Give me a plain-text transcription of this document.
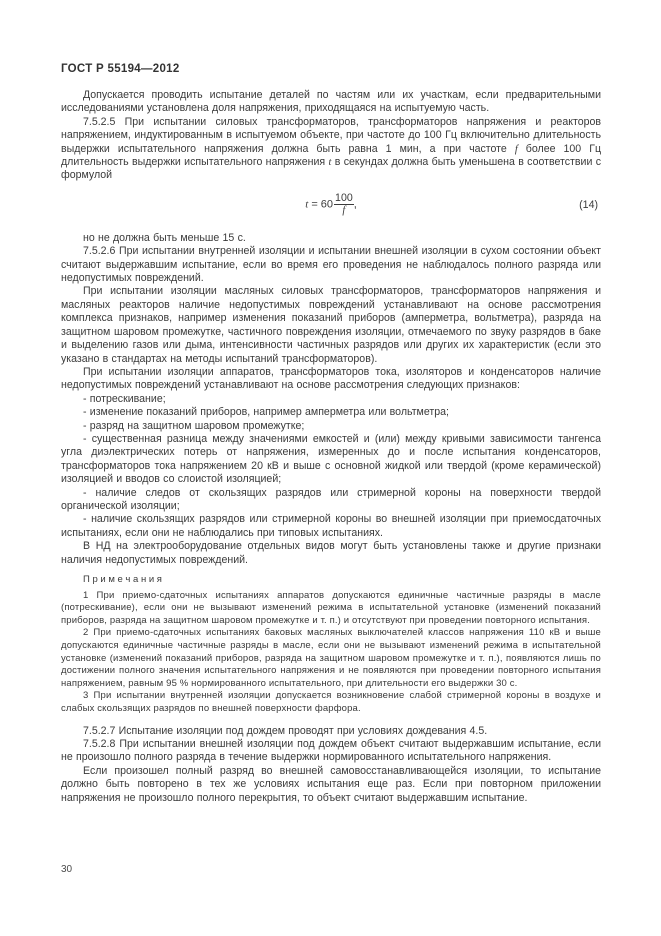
ГОСТ Р 55194—2012

Допускается проводить испытание деталей по частям или их участкам, если предварительными исследованиями установлена доля напряжения, приходящаяся на испытуемую часть.

7.5.2.5 При испытании силовых трансформаторов, трансформаторов напряжения и реакторов напряжением, индуктированным в испытуемом объекте, при частоте до 100 Гц включительно длительность выдержки испытательного напряжения должна быть равна 1 мин, а при частоте f более 100 Гц длительность выдержки испытательного напряжения t в секундах должна быть уменьшена в соответствии с формулой

$t = 60 \frac{100}{f}$ ,	(14)

но не должна быть меньше 15 с.

7.5.2.6 При испытании внутренней изоляции и испытании внешней изоляции в сухом состоянии объект считают выдержавшим испытание, если во время его проведения не наблюдалось полного разряда или недопустимых повреждений.

При испытании изоляции масляных силовых трансформаторов, трансформаторов напряжения и масляных реакторов наличие недопустимых повреждений устанавливают на основе рассмотрения комплекса признаков, например изменения показаний приборов (амперметра, вольтметра), разряда на защитном шаровом промежутке, частичного повреждения изоляции, отмечаемого по звуку разрядов в баке и выделению газов или дыма, интенсивности частичных разрядов или других их характеристик (если это указано в стандартах на методы испытаний трансформаторов).

При испытании изоляции аппаратов, трансформаторов тока, изоляторов и конденсаторов наличие недопустимых повреждений устанавливают на основе рассмотрения следующих признаков:

- потрескивание;

- изменение показаний приборов, например амперметра или вольтметра;

- разряд на защитном шаровом промежутке;

- существенная разница между значениями емкостей и (или) между кривыми зависимости тангенса угла диэлектрических потерь от напряжения, измеренных до и после испытания конденсаторов, трансформаторов тока напряжением 20 кВ и выше с основной жидкой или твердой (кроме керамической) изоляцией и вводов со слоистой изоляцией;

- наличие следов от скользящих разрядов или стримерной короны на поверхности твердой органической изоляции;

- наличие скользящих разрядов или стримерной короны во внешней изоляции при приемосдаточных испытаниях, если они не наблюдались при типовых испытаниях.

В НД на электрооборудование отдельных видов могут быть установлены также и другие признаки наличия недопустимых повреждений.

П р и м е ч а н и я

1 При приемо-сдаточных испытаниях аппаратов допускаются единичные частичные разряды в масле (потрескивание), если они не вызывают изменений режима в испытательной установке (изменений показаний приборов, разряда на защитном шаровом промежутке и т. п.) и отсутствуют при проведении повторного испытания.

2 При приемо-сдаточных испытаниях баковых масляных выключателей классов напряжения 110 кВ и выше допускаются единичные частичные разряды в масле, если они не вызывают изменений режима в испытательной установке (изменений показаний приборов, разряда на защитном шаровом промежутке и т. п.), появляются лишь по достижении полного значения испытательного напряжения и не появляются при проведении повторного испытания напряжением, равным 95 % нормированного испытательного, при длительности его выдержки 30 с.

3 При испытании внутренней изоляции допускается возникновение слабой стримерной короны в воздухе и слабых скользящих разрядов по внешней поверхности фарфора.

7.5.2.7 Испытание изоляции под дождем проводят при условиях дождевания 4.5.

7.5.2.8 При испытании внешней изоляции под дождем объект считают выдержавшим испытание, если не произошло полного разряда в течение выдержки нормированного испытательного напряжения.

Если произошел полный разряд во внешней самовосстанавливающейся изоляции, то испытание должно быть повторено в тех же условиях испытания еще раз. Если при повторном приложении напряжения не произошло полного перекрытия, то объект считают выдержавшим испытание.

30
